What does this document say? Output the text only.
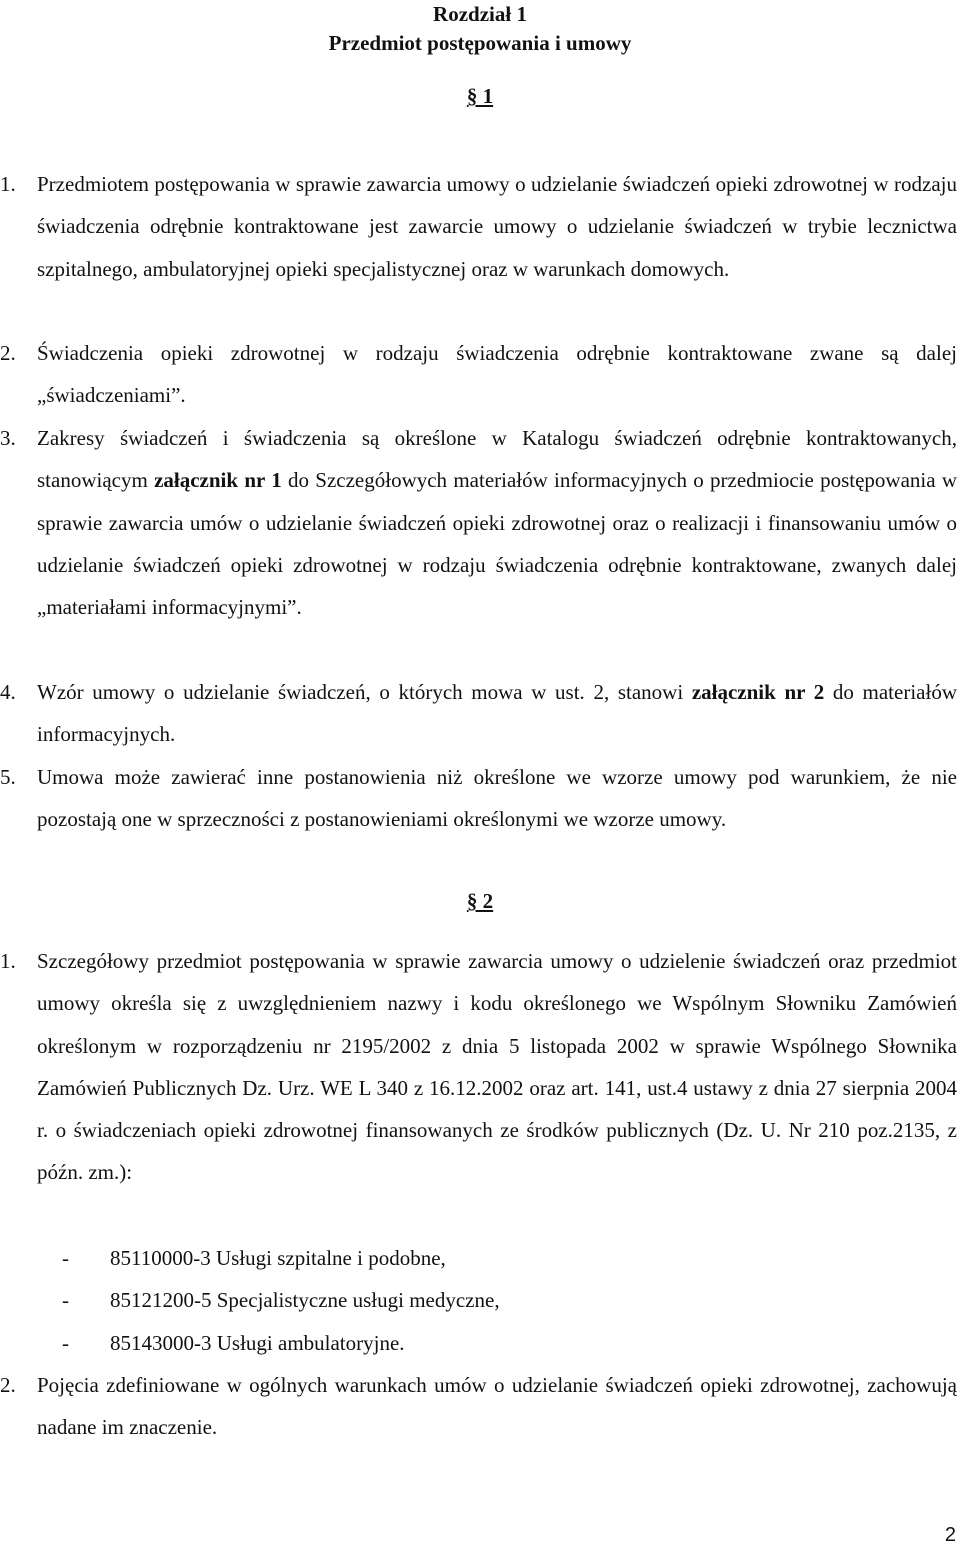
Rozdział 1
Przedmiot postępowania i umowy
§ 1
1. Przedmiotem postępowania w sprawie zawarcia umowy o udzielanie świadczeń opieki zdrowotnej w rodzaju świadczenia odrębnie kontraktowane jest zawarcie umowy o udzielanie świadczeń w trybie lecznictwa szpitalnego, ambulatoryjnej opieki specjalistycznej oraz w warunkach domowych.
2. Świadczenia opieki zdrowotnej w rodzaju świadczenia odrębnie kontraktowane zwane są dalej „świadczeniami”.
3. Zakresy świadczeń i świadczenia są określone w Katalogu świadczeń odrębnie kontraktowanych, stanowiącym załącznik nr 1 do Szczegółowych materiałów informacyjnych o przedmiocie postępowania w sprawie zawarcia umów o udzielanie świadczeń opieki zdrowotnej oraz o realizacji i finansowaniu umów o udzielanie świadczeń opieki zdrowotnej w rodzaju świadczenia odrębnie kontraktowane, zwanych dalej „materiałami informacyjnymi”.
4. Wzór umowy o udzielanie świadczeń, o których mowa w ust. 2, stanowi załącznik nr 2 do materiałów informacyjnych.
5. Umowa może zawierać inne postanowienia niż określone we wzorze umowy pod warunkiem, że nie pozostają one w sprzeczności z postanowieniami określonymi we wzorze umowy.
§ 2
1. Szczegółowy przedmiot postępowania w sprawie zawarcia umowy o udzielenie świadczeń oraz przedmiot umowy określa się z uwzględnieniem nazwy i kodu określonego we Wspólnym Słowniku Zamówień określonym w rozporządzeniu nr 2195/2002 z dnia 5 listopada 2002 w sprawie Wspólnego Słownika Zamówień Publicznych Dz. Urz. WE L 340 z 16.12.2002 oraz art. 141, ust.4 ustawy z dnia 27 sierpnia 2004 r. o świadczeniach opieki zdrowotnej finansowanych ze środków publicznych (Dz. U. Nr 210 poz.2135, z późn. zm.):
- 85110000-3 Usługi szpitalne i podobne,
- 85121200-5 Specjalistyczne usługi medyczne,
- 85143000-3 Usługi ambulatoryjne.
2. Pojęcia zdefiniowane w ogólnych warunkach umów o udzielanie świadczeń opieki zdrowotnej, zachowują nadane im znaczenie.
2
